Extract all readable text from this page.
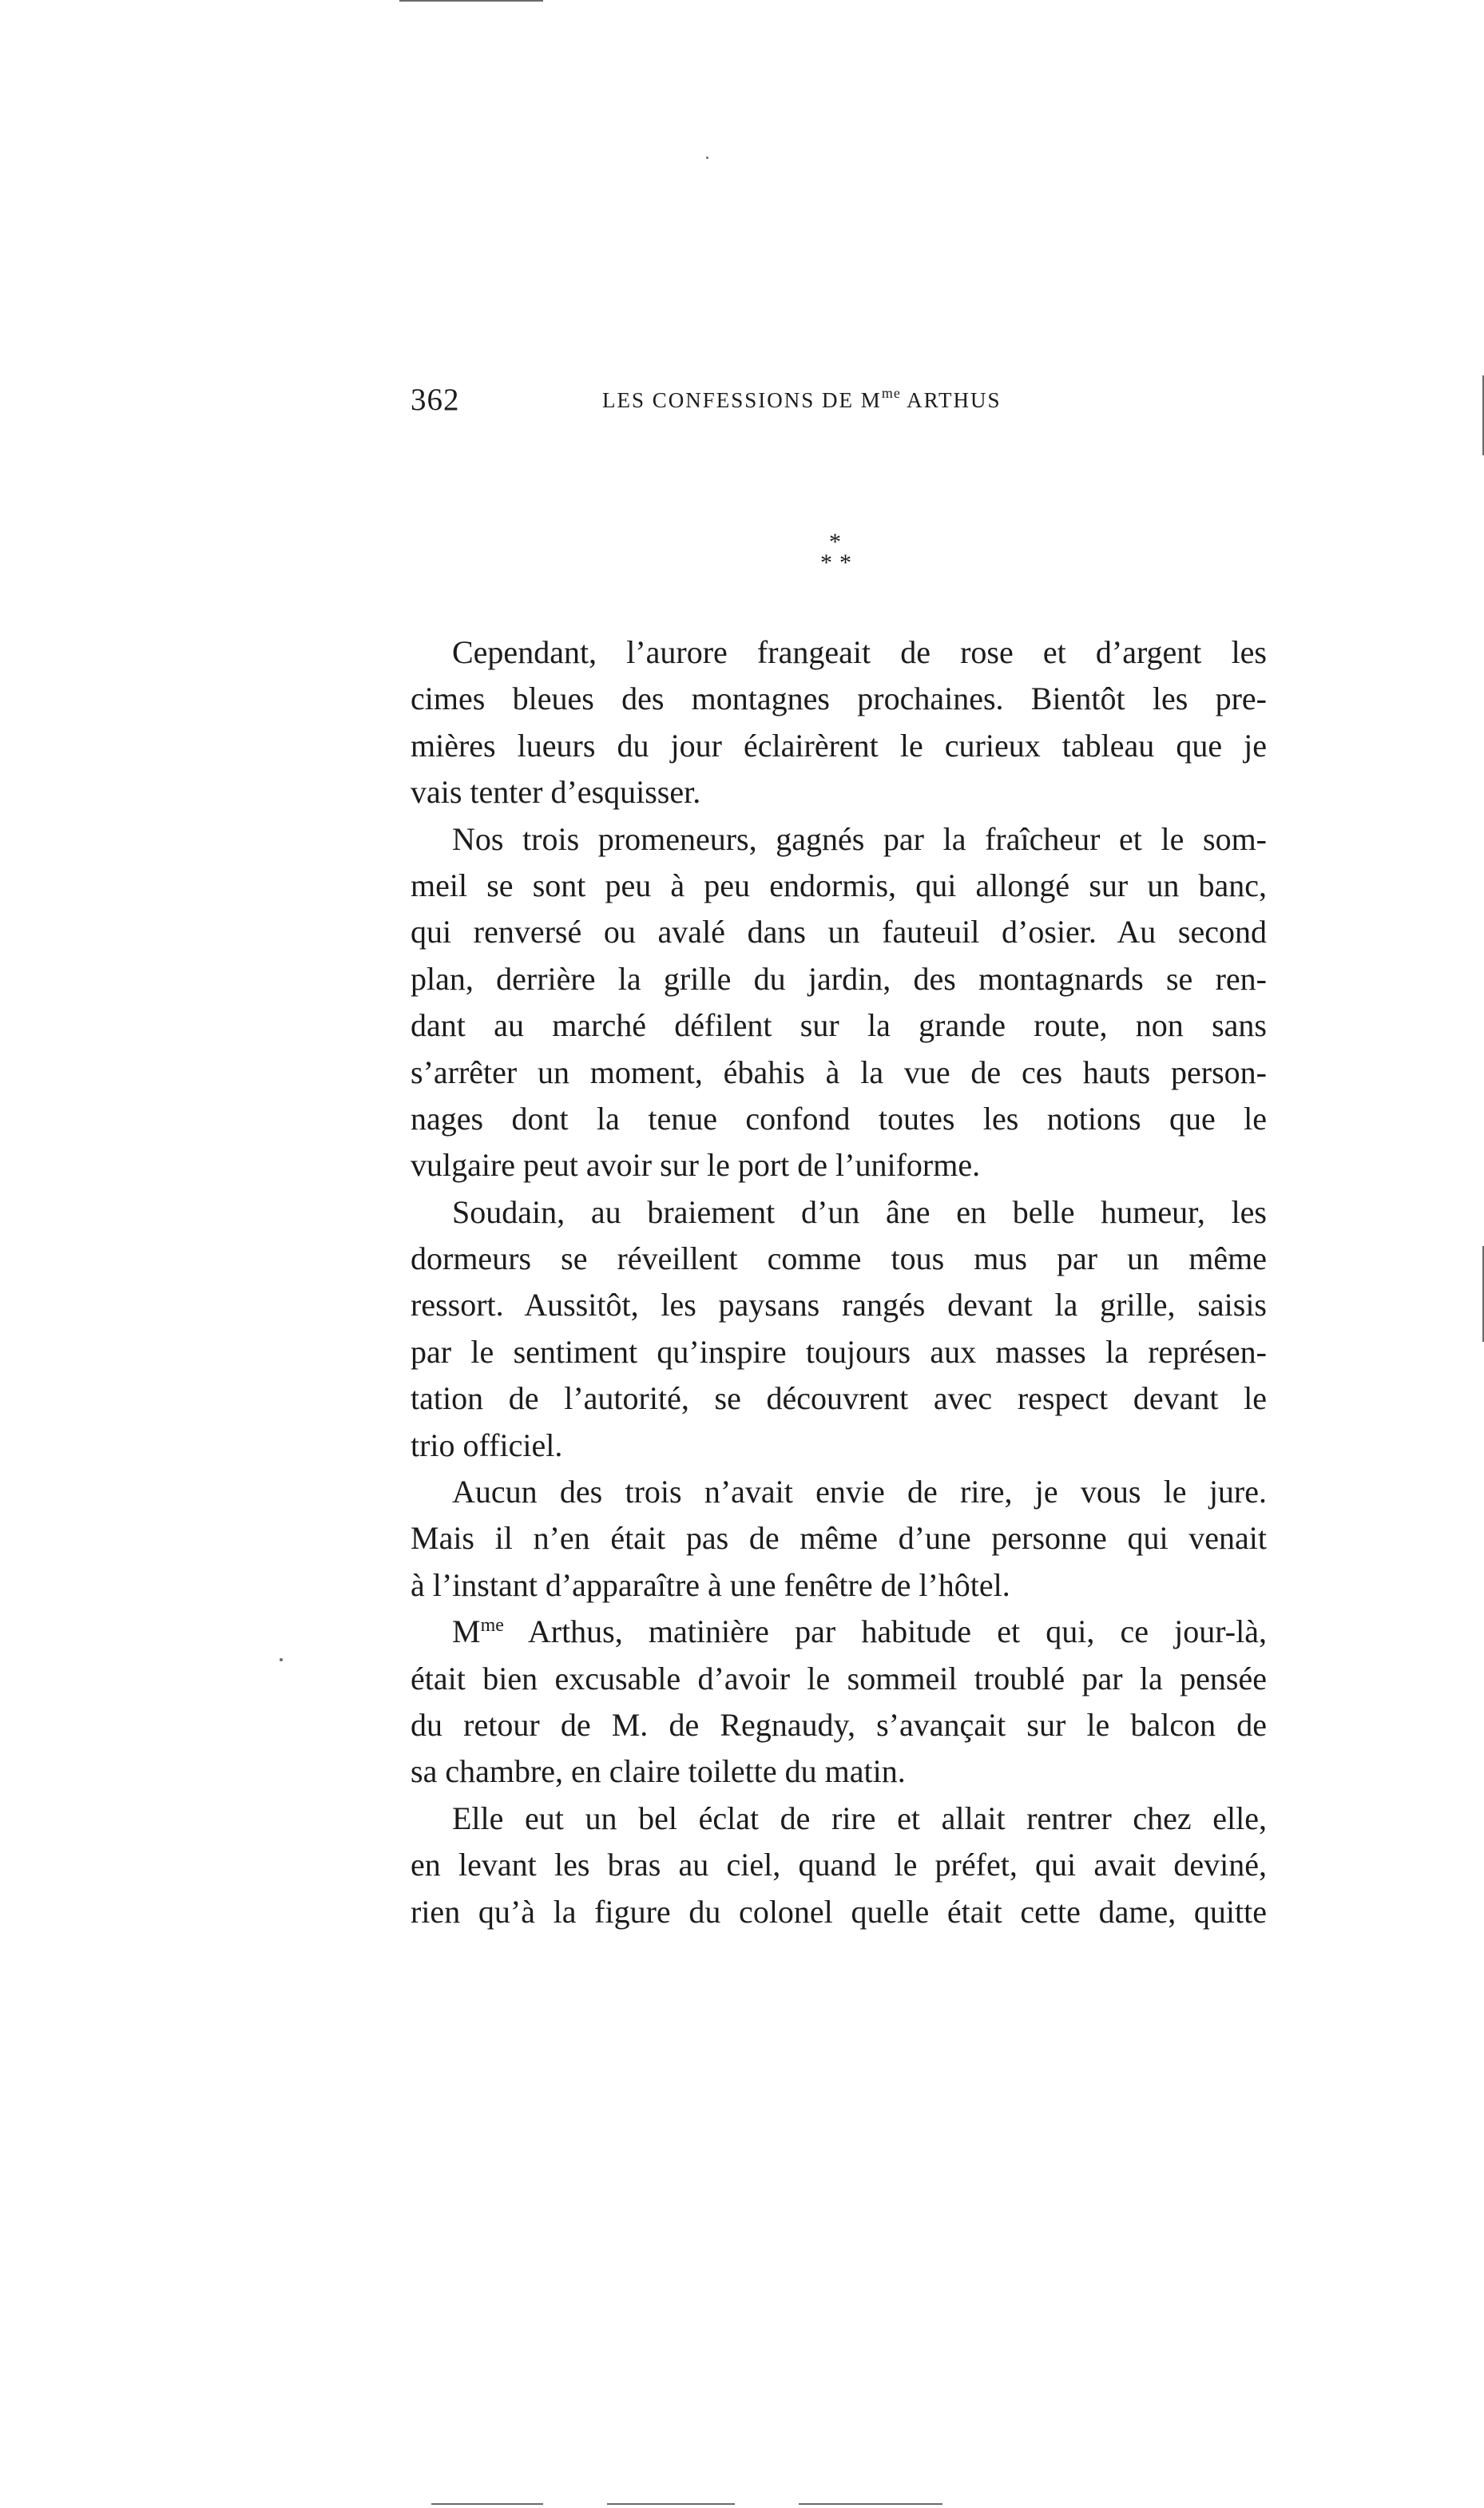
362	LES CONFESSIONS DE $M^{me}$ ARTHUS
*
* *
Cependant, l’aurore frangeait de rose et d’argent les
cimes bleues des montagnes prochaines. Bientôt les pre-
mières lueurs du jour éclairèrent le curieux tableau que je
vais tenter d’esquisser.
Nos trois promeneurs, gagnés par la fraîcheur et le som-
meil se sont peu à peu endormis, qui allongé sur un banc,
qui renversé ou avalé dans un fauteuil d’osier. Au second
plan, derrière la grille du jardin, des montagnards se ren-
dant au marché défilent sur la grande route, non sans
s’arrêter un moment, ébahis à la vue de ces hauts person-
nages dont la tenue confond toutes les notions que le
vulgaire peut avoir sur le port de l’uniforme.
Soudain, au braiement d’un âne en belle humeur, les
dormeurs se réveillent comme tous mus par un même
ressort. Aussitôt, les paysans rangés devant la grille, saisis
par le sentiment qu’inspire toujours aux masses la représen-
tation de l’autorité, se découvrent avec respect devant le
trio officiel.
Aucun des trois n’avait envie de rire, je vous le jure.
Mais il n’en était pas de même d’une personne qui venait
à l’instant d’apparaître à une fenêtre de l’hôtel.
$M^{me}$ Arthus, matinière par habitude et qui, ce jour-là,
était bien excusable d’avoir le sommeil troublé par la pensée
du retour de M. de Regnaudy, s’avançait sur le balcon de
sa chambre, en claire toilette du matin.
Elle eut un bel éclat de rire et allait rentrer chez elle,
en levant les bras au ciel, quand le préfet, qui avait deviné,
rien qu’à la figure du colonel quelle était cette dame, quitte
